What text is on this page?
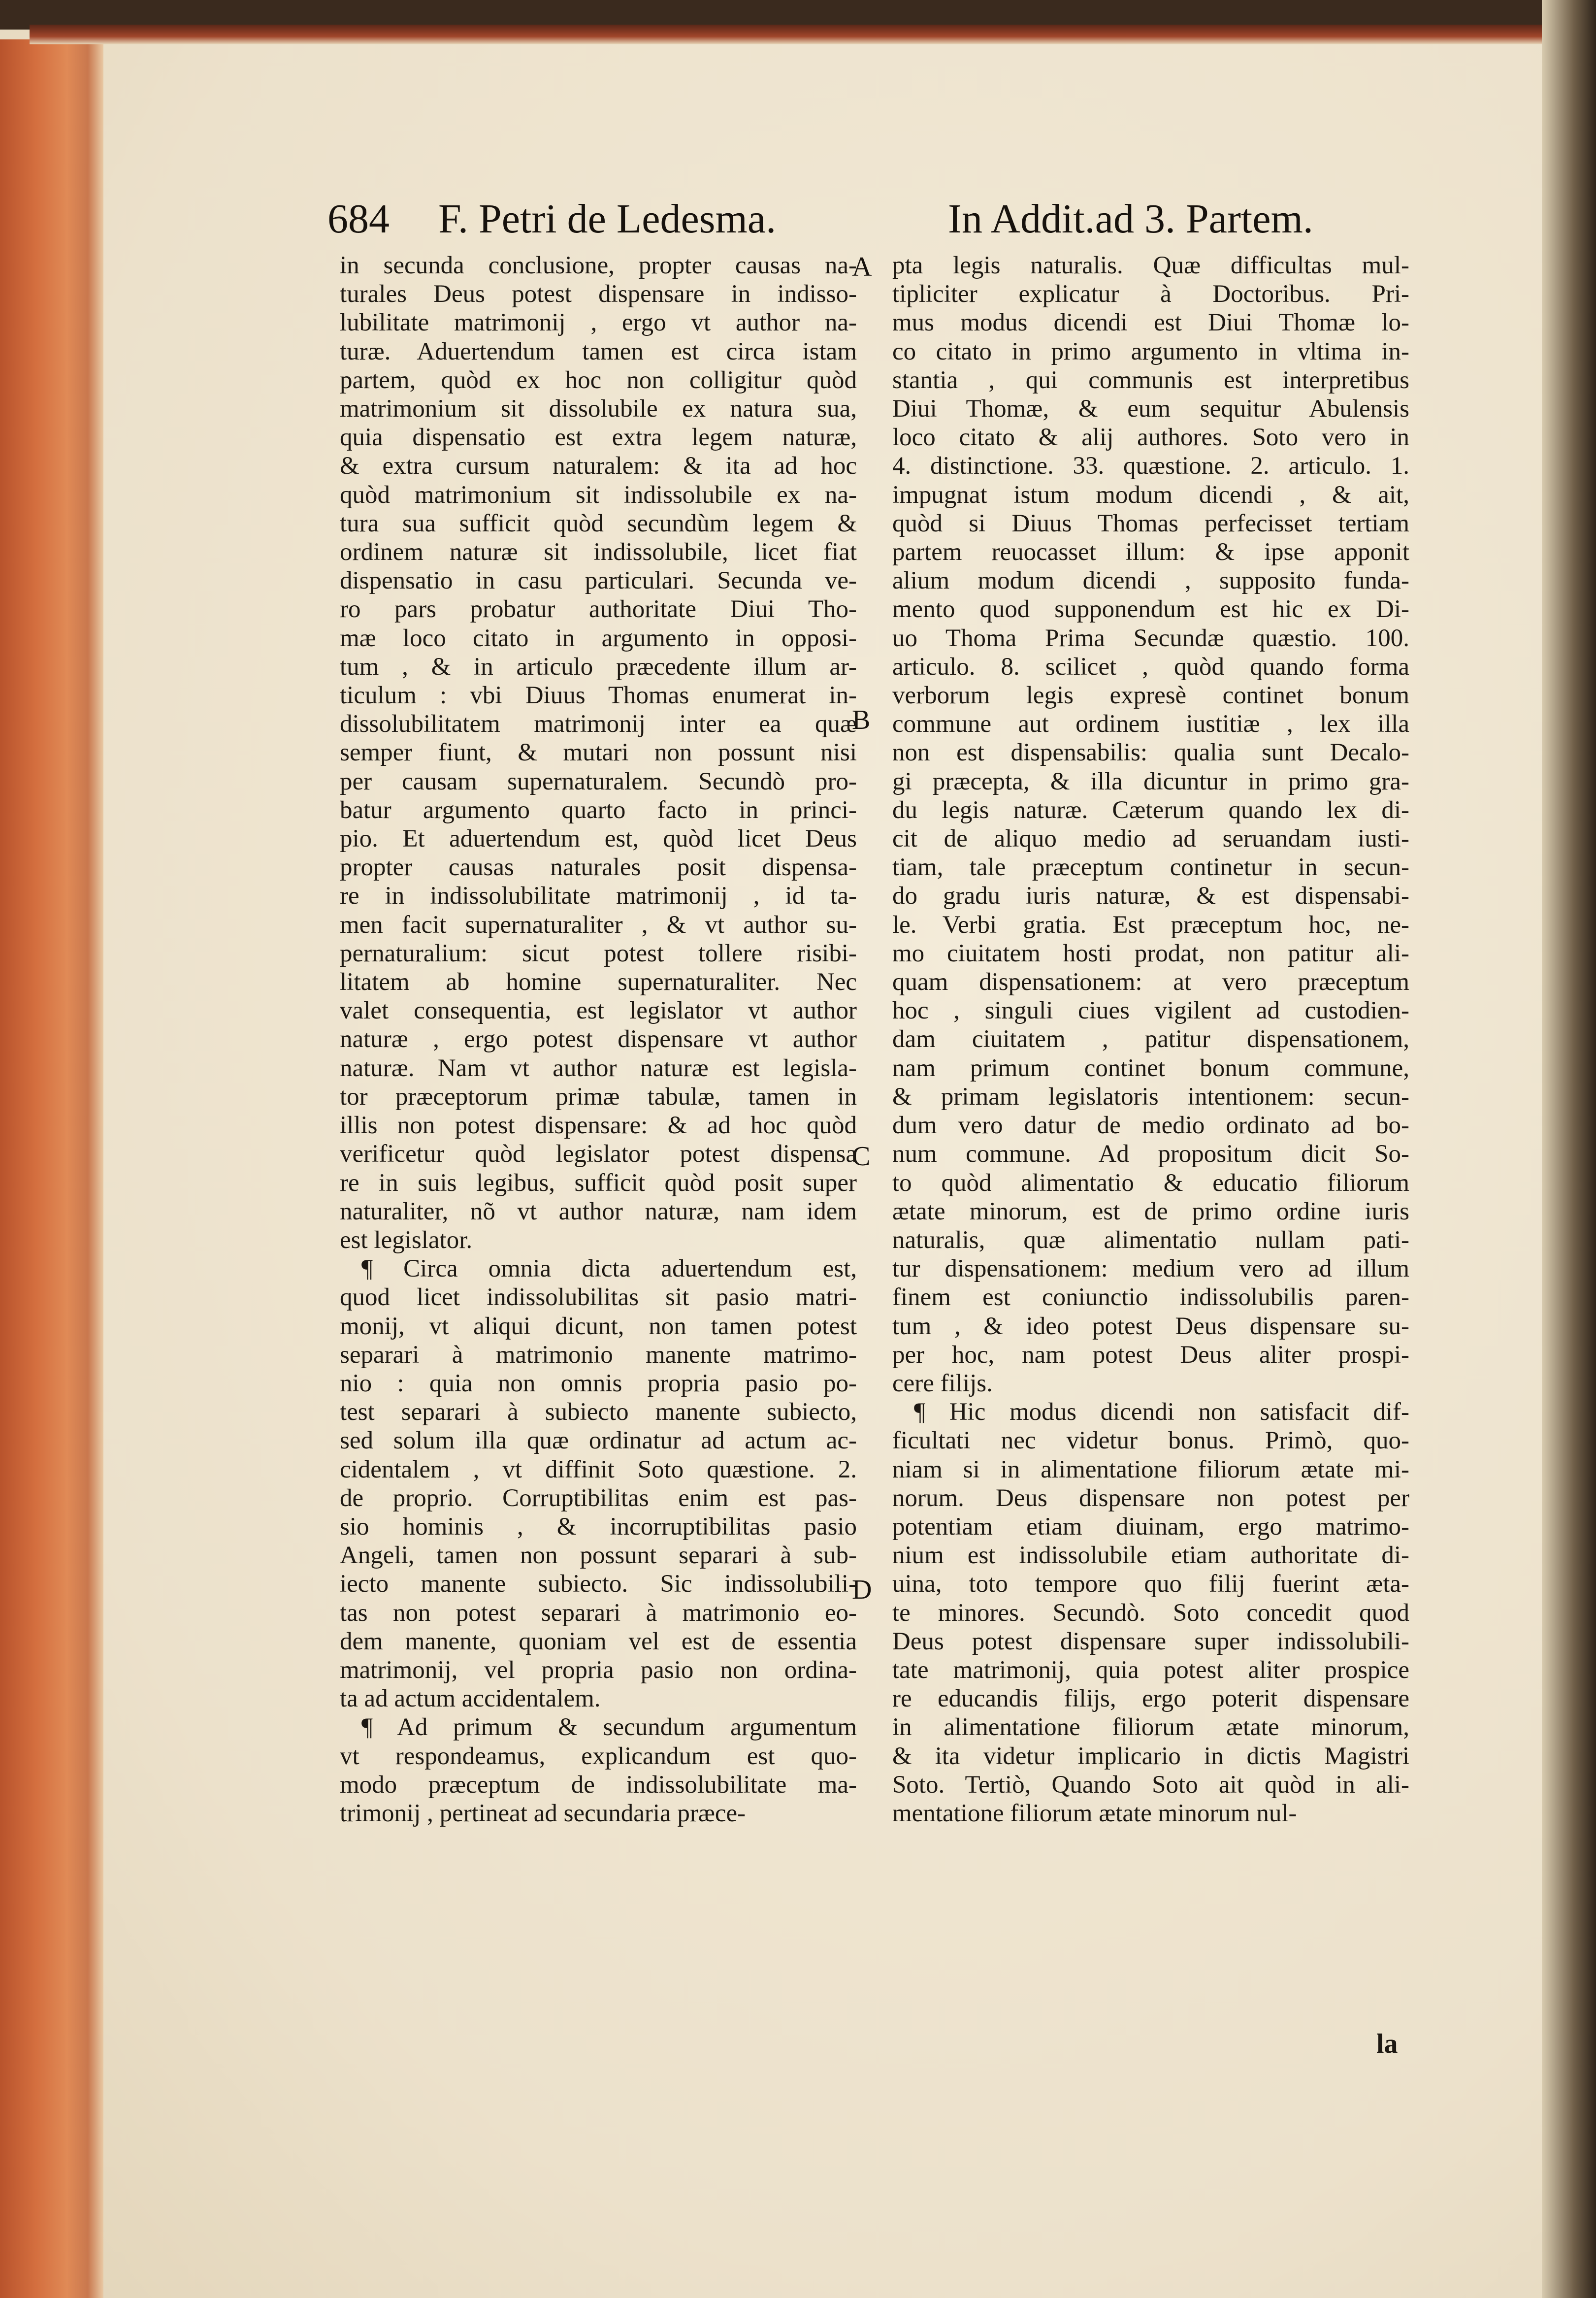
684 F. Petri de Ledesma.	In Addit.ad 3. Partem.
A
B
C
D
in secunda conclusione, propter causas na-
turales Deus potest dispensare in indisso-
lubilitate matrimonij , ergo vt author na-
turæ. Aduertendum tamen est circa istam
partem, quòd ex hoc non colligitur quòd
matrimonium sit dissolubile ex natura sua,
quia dispensatio est extra legem naturæ,
& extra cursum naturalem: & ita ad hoc
quòd matrimonium sit indissolubile ex na-
tura sua sufficit quòd secundùm legem &
ordinem naturæ sit indissolubile, licet fiat
dispensatio in casu particulari. Secunda ve-
ro pars probatur authoritate Diui Tho-
mæ loco citato in argumento in opposi-
tum , & in articulo præcedente illum ar-
ticulum : vbi Diuus Thomas enumerat in-
dissolubilitatem matrimonij inter ea quæ
semper fiunt, & mutari non possunt nisi
per causam supernaturalem. Secundò pro-
batur argumento quarto facto in princi-
pio. Et aduertendum est, quòd licet Deus
propter causas naturales posit dispensa-
re in indissolubilitate matrimonij , id ta-
men facit supernaturaliter , & vt author su-
pernaturalium: sicut potest tollere risibi-
litatem ab homine supernaturaliter. Nec
valet consequentia, est legislator vt author
naturæ , ergo potest dispensare vt author
naturæ. Nam vt author naturæ est legisla-
tor præceptorum primæ tabulæ, tamen in
illis non potest dispensare: & ad hoc quòd
verificetur quòd legislator potest dispensa
re in suis legibus, sufficit quòd posit super
naturaliter, nõ vt author naturæ, nam idem
est legislator.
¶ Circa omnia dicta aduertendum est,
quod licet indissolubilitas sit pasio matri-
monij, vt aliqui dicunt, non tamen potest
separari à matrimonio manente matrimo-
nio : quia non omnis propria pasio po-
test separari à subiecto manente subiecto,
sed solum illa quæ ordinatur ad actum ac-
cidentalem , vt diffinit Soto quæstione. 2.
de proprio. Corruptibilitas enim est pas-
sio hominis , & incorruptibilitas pasio
Angeli, tamen non possunt separari à sub-
iecto manente subiecto. Sic indissolubili-
tas non potest separari à matrimonio eo-
dem manente, quoniam vel est de essentia
matrimonij, vel propria pasio non ordina-
ta ad actum accidentalem.
¶ Ad primum & secundum argumentum
vt respondeamus, explicandum est quo-
modo præceptum de indissolubilitate ma-
trimonij , pertineat ad secundaria præce-
pta legis naturalis. Quæ difficultas mul-
tipliciter explicatur à Doctoribus. Pri-
mus modus dicendi est Diui Thomæ lo-
co citato in primo argumento in vltima in-
stantia , qui communis est interpretibus
Diui Thomæ, & eum sequitur Abulensis
loco citato & alij authores. Soto vero in
4. distinctione. 33. quæstione. 2. articulo. 1.
impugnat istum modum dicendi , & ait,
quòd si Diuus Thomas perfecisset tertiam
partem reuocasset illum: & ipse apponit
alium modum dicendi , supposito funda-
mento quod supponendum est hic ex Di-
uo Thoma Prima Secundæ quæstio. 100.
articulo. 8. scilicet , quòd quando forma
verborum legis expresè continet bonum
commune aut ordinem iustitiæ , lex illa
non est dispensabilis: qualia sunt Decalo-
gi præcepta, & illa dicuntur in primo gra-
du legis naturæ. Cæterum quando lex di-
cit de aliquo medio ad seruandam iusti-
tiam, tale præceptum continetur in secun-
do gradu iuris naturæ, & est dispensabi-
le. Verbi gratia. Est præceptum hoc, ne-
mo ciuitatem hosti prodat, non patitur ali-
quam dispensationem: at vero præceptum
hoc , singuli ciues vigilent ad custodien-
dam ciuitatem , patitur dispensationem,
nam primum continet bonum commune,
& primam legislatoris intentionem: secun-
dum vero datur de medio ordinato ad bo-
num commune. Ad propositum dicit So-
to quòd alimentatio & educatio filiorum
ætate minorum, est de primo ordine iuris
naturalis, quæ alimentatio nullam pati-
tur dispensationem: medium vero ad illum
finem est coniunctio indissolubilis paren-
tum , & ideo potest Deus dispensare su-
per hoc, nam potest Deus aliter prospi-
cere filijs.
¶ Hic modus dicendi non satisfacit dif-
ficultati nec videtur bonus. Primò, quo-
niam si in alimentatione filiorum ætate mi-
norum. Deus dispensare non potest per
potentiam etiam diuinam, ergo matrimo-
nium est indissolubile etiam authoritate di-
uina, toto tempore quo filij fuerint æta-
te minores. Secundò. Soto concedit quod
Deus potest dispensare super indissolubili-
tate matrimonij, quia potest aliter prospice
re educandis filijs, ergo poterit dispensare
in alimentatione filiorum ætate minorum,
& ita videtur implicario in dictis Magistri
Soto. Tertiò, Quando Soto ait quòd in ali-
mentatione filiorum ætate minorum nul-
la
